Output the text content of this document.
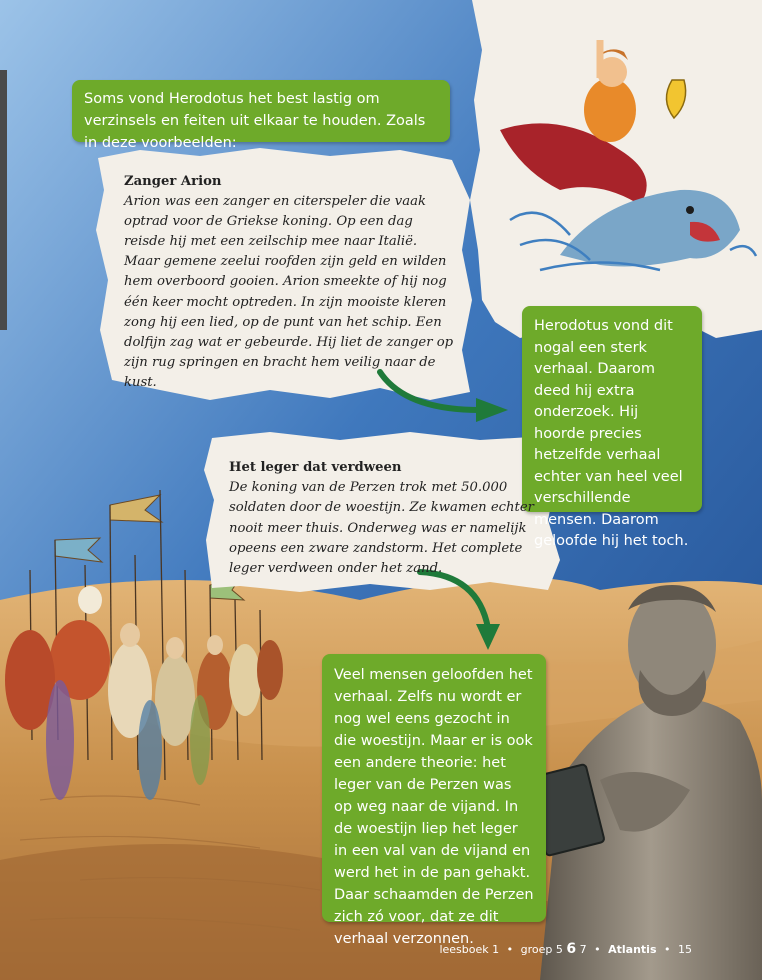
Soms vond Herodotus het best lastig om verzinsels en feiten uit elkaar te houden. Zoals in deze voorbeelden:
Herodotus vond dit nogal een sterk verhaal. Daarom deed hij extra onderzoek. Hij hoorde precies hetzelfde verhaal echter van heel veel verschillende mensen. Daarom geloofde hij het toch.
Veel mensen geloofden het verhaal. Zelfs nu wordt er nog wel eens gezocht in die woestijn. Maar er is ook een andere theorie: het leger van de Perzen was op weg naar de vijand. In de woestijn liep het leger in een val van de vijand en werd het in de pan gehakt. Daar schaamden de Perzen zich zó voor, dat ze dit verhaal verzonnen.
Zanger Arion
Arion was een zanger en citerspeler die vaak optrad voor de Griekse koning. Op een dag reisde hij met een zeilschip mee naar Italië. Maar gemene zeelui roofden zijn geld en wilden hem overboord gooien. Arion smeekte of hij nog één keer mocht optreden. In zijn mooiste kleren zong hij een lied, op de punt van het schip. Een dolfijn zag wat er gebeurde. Hij liet de zanger op zijn rug springen en bracht hem veilig naar de kust.
Het leger dat verdween
De koning van de Perzen trok met 50.000 soldaten door de woestijn. Ze kwamen echter nooit meer thuis. Onderweg was er namelijk opeens een zware zandstorm. Het complete leger verdween onder het zand.
leesboek 1 • groep 5 6 7 • Atlantis • 15
